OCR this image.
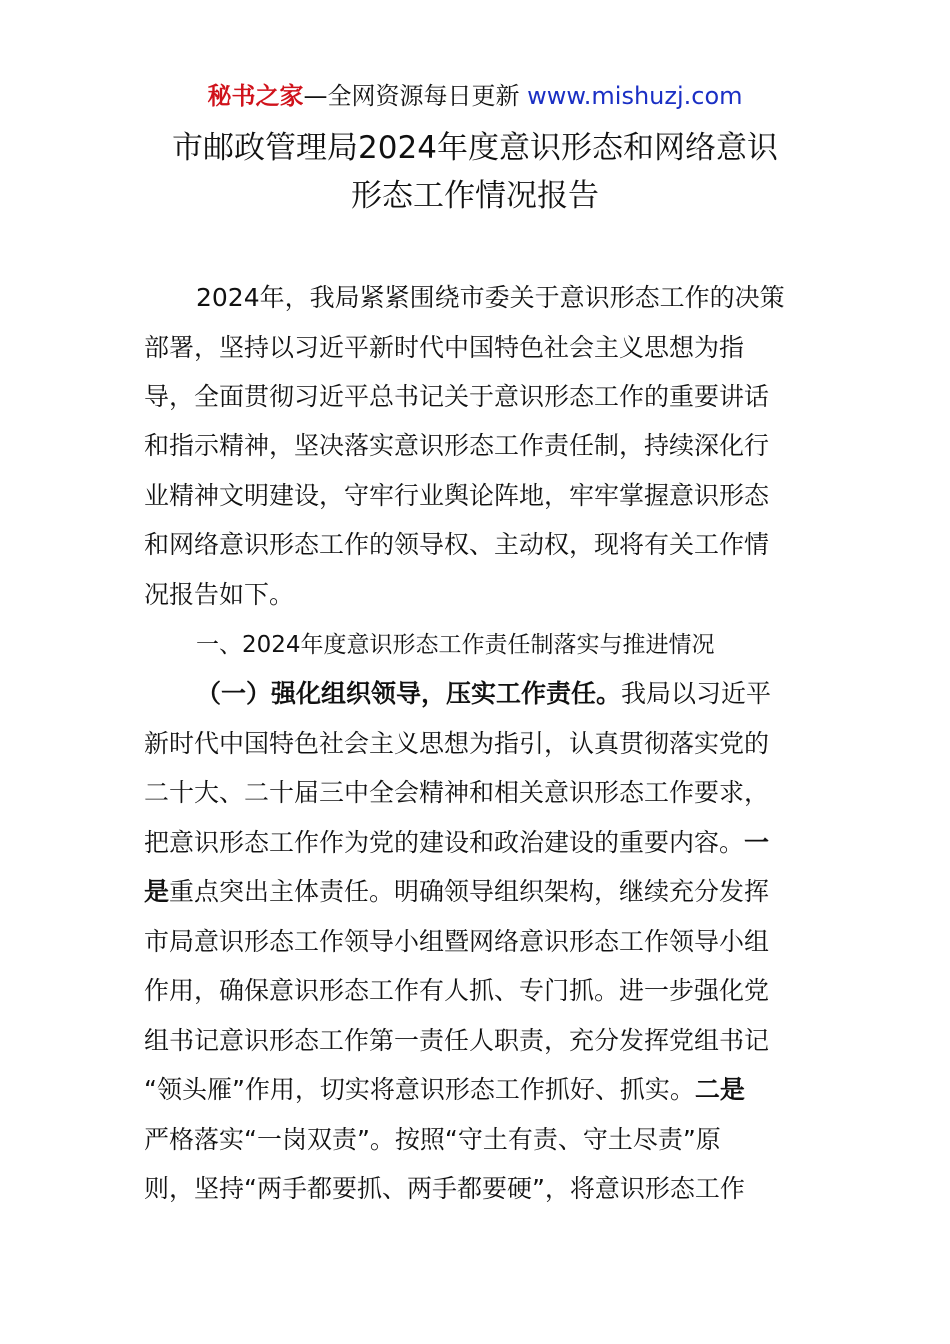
秘书之家—全网资源每日更新 www.mishuzj.com
市邮政管理局2024年度意识形态和网络意识
形态工作情况报告
2024年，我局紧紧围绕市委关于意识形态工作的决策
部署，坚持以习近平新时代中国特色社会主义思想为指
导，全面贯彻习近平总书记关于意识形态工作的重要讲话
和指示精神，坚决落实意识形态工作责任制，持续深化行
业精神文明建设，守牢行业舆论阵地，牢牢掌握意识形态
和网络意识形态工作的领导权、主动权，现将有关工作情
况报告如下。
一、2024年度意识形态工作责任制落实与推进情况
（一）强化组织领导，压实工作责任。我局以习近平
新时代中国特色社会主义思想为指引，认真贯彻落实党的
二十大、二十届三中全会精神和相关意识形态工作要求，
把意识形态工作作为党的建设和政治建设的重要内容。一
是重点突出主体责任。明确领导组织架构，继续充分发挥
市局意识形态工作领导小组暨网络意识形态工作领导小组
作用，确保意识形态工作有人抓、专门抓。进一步强化党
组书记意识形态工作第一责任人职责，充分发挥党组书记
“领头雁”作用，切实将意识形态工作抓好、抓实。二是
严格落实“一岗双责”。按照“守土有责、守土尽责”原
则，坚持“两手都要抓、两手都要硬”，将意识形态工作
